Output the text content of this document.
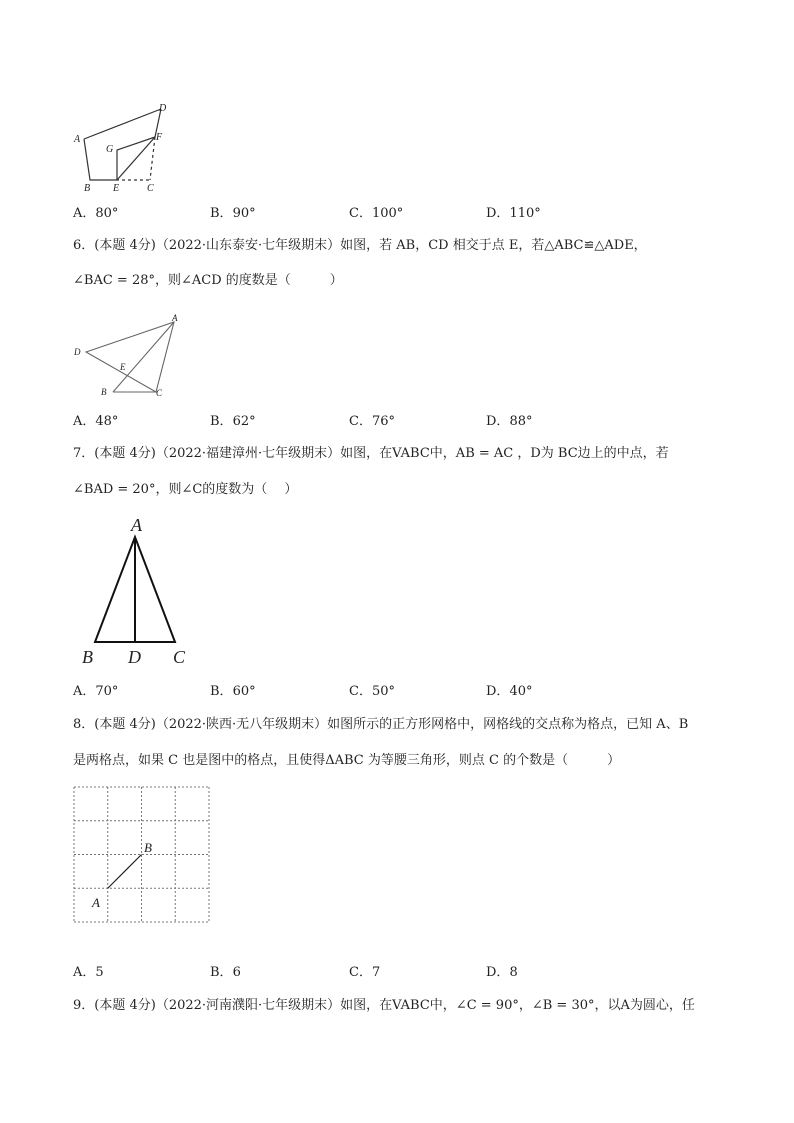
A
B	C
D
E
F
G
A．80°	B．90°	C．100°	D．110°
6．(本题 4分)（2022·山东泰安·七年级期末）如图，若 AB，CD 相交于点 E，若△ABC≌△ADE，
∠BAC = 28°，则∠ACD 的度数是（　　　）
A
B	C
D
E
A．48°	B．62°	C．76°	D．88°
7．(本题 4分)（2022·福建漳州·七年级期末）如图，在VABC中，AB = AC ，D为 BC边上的中点，若
∠BAD = 20°，则∠C的度数为（　 ）
A
B D C
A．70°	B．60°	C．50°	D．40°
8．(本题 4分)（2022·陕西·无八年级期末）如图所示的正方形网格中，网格线的交点称为格点，已知 A、B
是两格点，如果 C 也是图中的格点，且使得ΔABC 为等腰三角形，则点 C 的个数是（　　　）
A
B
A．5	B．6	C．7	D．8
9．(本题 4分)（2022·河南濮阳·七年级期末）如图，在VABC中，∠C = 90°，∠B = 30°，以A为圆心，任
